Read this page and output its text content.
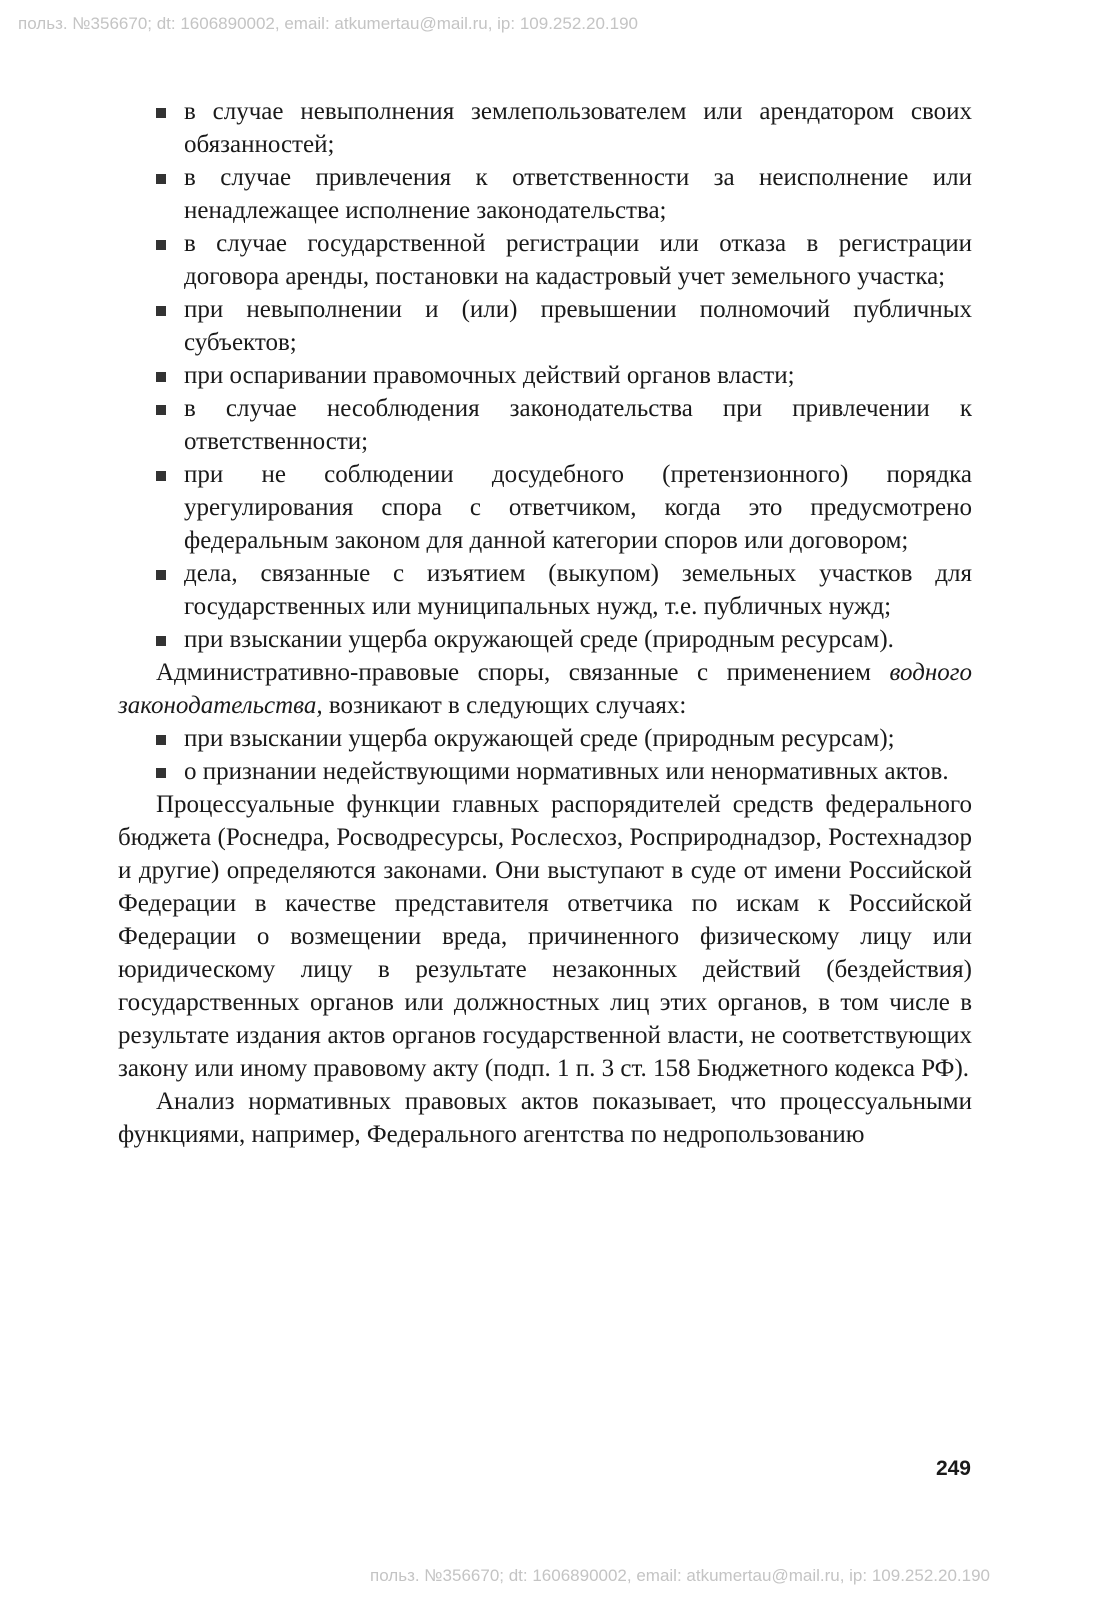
польз. №356670; dt: 1606890002, email: atkumertau@mail.ru, ip: 109.252.20.190
в случае невыполнения землепользователем или арендатором своих обязанностей;
в случае привлечения к ответственности за неисполнение или ненадлежащее исполнение законодательства;
в случае государственной регистрации или отказа в регистрации договора аренды, постановки на кадастровый учет земельного участка;
при невыполнении и (или) превышении полномочий публичных субъектов;
при оспаривании правомочных действий органов власти;
в случае несоблюдения законодательства при привлечении к ответственности;
при не соблюдении досудебного (претензионного) порядка урегулирования спора с ответчиком, когда это предусмотрено федеральным законом для данной категории споров или договором;
дела, связанные с изъятием (выкупом) земельных участков для государственных или муниципальных нужд, т.е. публичных нужд;
при взыскании ущерба окружающей среде (природным ресурсам).

Административно-правовые споры, связанные с применением водного законодательства, возникают в следующих случаях:

при взыскании ущерба окружающей среде (природным ресурсам);
о признании недействующими нормативных или ненормативных актов.

Процессуальные функции главных распорядителей средств федерального бюджета (Роснедра, Росводресурсы, Рослесхоз, Росприроднадзор, Ростехнадзор и другие) определяются законами. Они выступают в суде от имени Российской Федерации в качестве представителя ответчика по искам к Российской Федерации о возмещении вреда, причиненного физическому лицу или юридическому лицу в результате незаконных действий (бездействия) государственных органов или должностных лиц этих органов, в том числе в результате издания актов органов государственной власти, не соответствующих закону или иному правовому акту (подп. 1 п. 3 ст. 158 Бюджетного кодекса РФ).

Анализ нормативных правовых актов показывает, что процессуальными функциями, например, Федерального агентства по недропользованию

249
польз. №356670; dt: 1606890002, email: atkumertau@mail.ru, ip: 109.252.20.190
